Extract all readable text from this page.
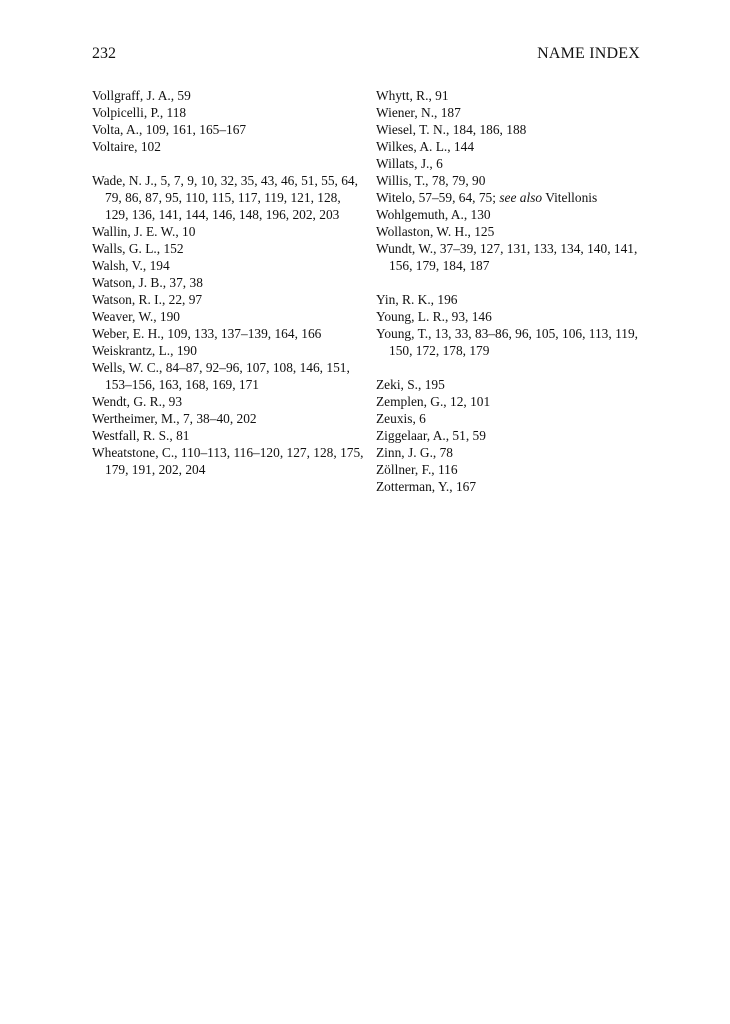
232	NAME INDEX
Vollgraff, J. A., 59
Volpicelli, P., 118
Volta, A., 109, 161, 165–167
Voltaire, 102
Wade, N. J., 5, 7, 9, 10, 32, 35, 43, 46, 51, 55, 64, 79, 86, 87, 95, 110, 115, 117, 119, 121, 128, 129, 136, 141, 144, 146, 148, 196, 202, 203
Wallin, J. E. W., 10
Walls, G. L., 152
Walsh, V., 194
Watson, J. B., 37, 38
Watson, R. I., 22, 97
Weaver, W., 190
Weber, E. H., 109, 133, 137–139, 164, 166
Weiskrantz, L., 190
Wells, W. C., 84–87, 92–96, 107, 108, 146, 151, 153–156, 163, 168, 169, 171
Wendt, G. R., 93
Wertheimer, M., 7, 38–40, 202
Westfall, R. S., 81
Wheatstone, C., 110–113, 116–120, 127, 128, 175, 179, 191, 202, 204
Whytt, R., 91
Wiener, N., 187
Wiesel, T. N., 184, 186, 188
Wilkes, A. L., 144
Willats, J., 6
Willis, T., 78, 79, 90
Witelo, 57–59, 64, 75; see also Vitellonis
Wohlgemuth, A., 130
Wollaston, W. H., 125
Wundt, W., 37–39, 127, 131, 133, 134, 140, 141, 156, 179, 184, 187
Yin, R. K., 196
Young, L. R., 93, 146
Young, T., 13, 33, 83–86, 96, 105, 106, 113, 119, 150, 172, 178, 179
Zeki, S., 195
Zemplen, G., 12, 101
Zeuxis, 6
Ziggelaar, A., 51, 59
Zinn, J. G., 78
Zöllner, F., 116
Zotterman, Y., 167
